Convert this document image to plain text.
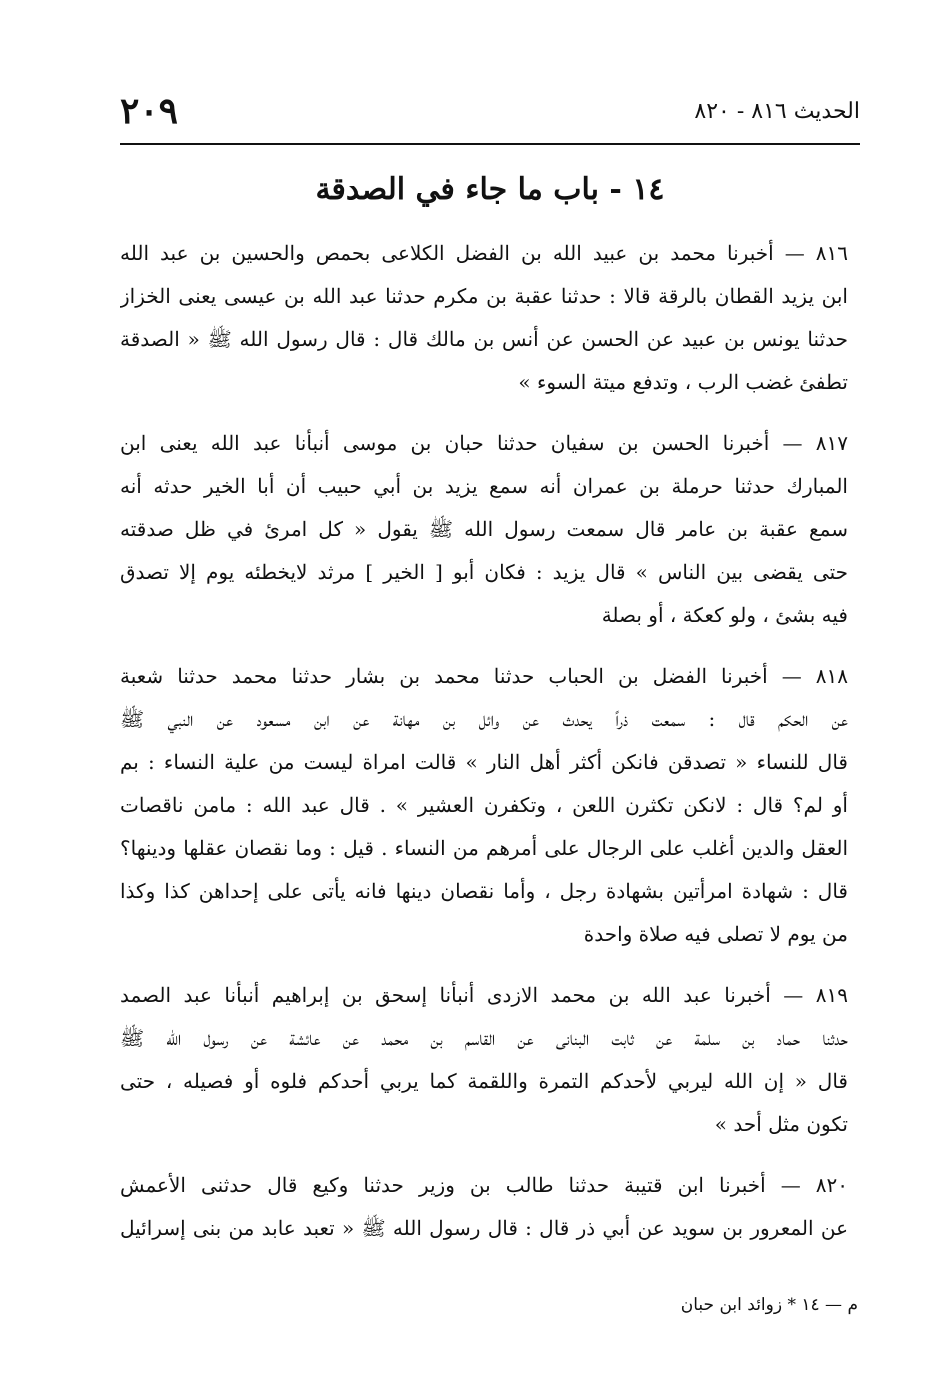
٢٠٩	الحديث ٨١٦ - ٨٢٠
١٤ - باب ما جاء في الصدقة
٨١٦ — أخبرنا محمد بن عبيد الله بن الفضل الكلاعى بحمص والحسين بن عبد الله
ابن يزيد القطان بالرقة قالا : حدثنا عقبة بن مكرم حدثنا عبد الله بن عيسى يعنى الخزاز
حدثنا يونس بن عبيد عن الحسن عن أنس بن مالك قال : قال رسول الله ﷺ « الصدقة
تطفئ غضب الرب ، وتدفع ميتة السوء »
٨١٧ — أخبرنا الحسن بن سفيان حدثنا حبان بن موسى أنبأنا عبد الله يعنى ابن
المبارك حدثنا حرملة بن عمران أنه سمع يزيد بن أبي حبيب أن أبا الخير حدثه أنه
سمع عقبة بن عامر قال سمعت رسول الله ﷺ يقول « كل امرئ في ظل صدقته
حتى يقضى بين الناس » قال يزيد : فكان أبو [ الخير ] مرثد لايخطئه يوم إلا تصدق
فيه بشئ ، ولو كعكة ، أو بصلة
٨١٨ — أخبرنا الفضل بن الحباب حدثنا محمد بن بشار حدثنا محمد حدثنا شعبة
عن الحكم قال : سمعت ذراً يحدث عن وائل بن مهانة عن ابن مسعود عن النبي ﷺ
قال للنساء « تصدقن فانكن أكثر أهل النار » قالت امراة ليست من علية النساء : بم
أو لم؟ قال : لانكن تكثرن اللعن ، وتكفرن العشير » . قال عبد الله : مامن ناقصات
العقل والدين أغلب على الرجال على أمرهم من النساء . قيل : وما نقصان عقلها ودينها؟
قال : شهادة امرأتين بشهادة رجل ، وأما نقصان دينها فانه يأتى على إحداهن كذا وكذا
من يوم لا تصلى فيه صلاة واحدة
٨١٩ — أخبرنا عبد الله بن محمد الازدى أنبأنا إسحق بن إبراهيم أنبأنا عبد الصمد
حدثنا حماد بن سلمة عن ثابت البنانى عن القاسم بن محمد عن عائشة عن رسول الله ﷺ
قال « إن الله ليربي لأحدكم التمرة واللقمة كما يربي أحدكم فلوه أو فصيله ، حتى
تكون مثل أحد »
٨٢٠ — أخبرنا ابن قتيبة حدثنا طالب بن وزير حدثنا وكيع قال حدثنى الأعمش
عن المعرور بن سويد عن أبي ذر قال : قال رسول الله ﷺ « تعبد عابد من بنى إسرائيل
م — ١٤ * زوائد ابن حبان
